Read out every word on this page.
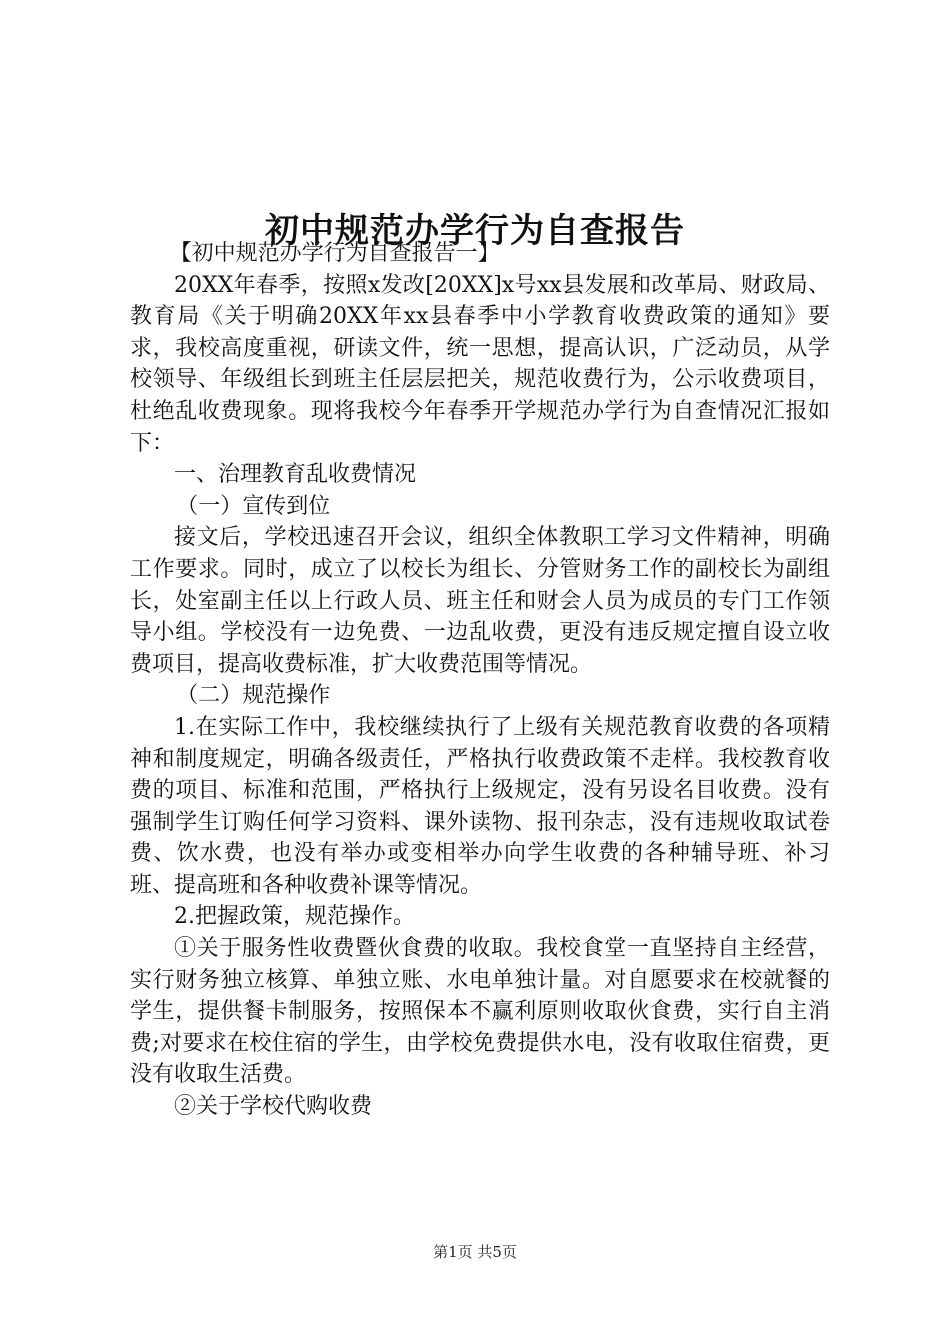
初中规范办学行为自查报告

【初中规范办学行为自查报告一】

20XX年春季，按照x发改[20XX]x号xx县发展和改革局、财政局、教育局《关于明确20XX年xx县春季中小学教育收费政策的通知》要求，我校高度重视，研读文件，统一思想，提高认识，广泛动员，从学校领导、年级组长到班主任层层把关，规范收费行为，公示收费项目，杜绝乱收费现象。现将我校今年春季开学规范办学行为自查情况汇报如下：

一、治理教育乱收费情况

（一）宣传到位

接文后，学校迅速召开会议，组织全体教职工学习文件精神，明确工作要求。同时，成立了以校长为组长、分管财务工作的副校长为副组长，处室副主任以上行政人员、班主任和财会人员为成员的专门工作领导小组。学校没有一边免费、一边乱收费，更没有违反规定擅自设立收费项目，提高收费标准，扩大收费范围等情况。

（二）规范操作

1.在实际工作中，我校继续执行了上级有关规范教育收费的各项精神和制度规定，明确各级责任，严格执行收费政策不走样。我校教育收费的项目、标准和范围，严格执行上级规定，没有另设名目收费。没有强制学生订购任何学习资料、课外读物、报刊杂志，没有违规收取试卷费、饮水费，也没有举办或变相举办向学生收费的各种辅导班、补习班、提高班和各种收费补课等情况。

2.把握政策，规范操作。

①关于服务性收费暨伙食费的收取。我校食堂一直坚持自主经营，实行财务独立核算、单独立账、水电单独计量。对自愿要求在校就餐的学生，提供餐卡制服务，按照保本不赢利原则收取伙食费，实行自主消费;对要求在校住宿的学生，由学校免费提供水电，没有收取住宿费，更没有收取生活费。

②关于学校代购收费

第1页 共5页
